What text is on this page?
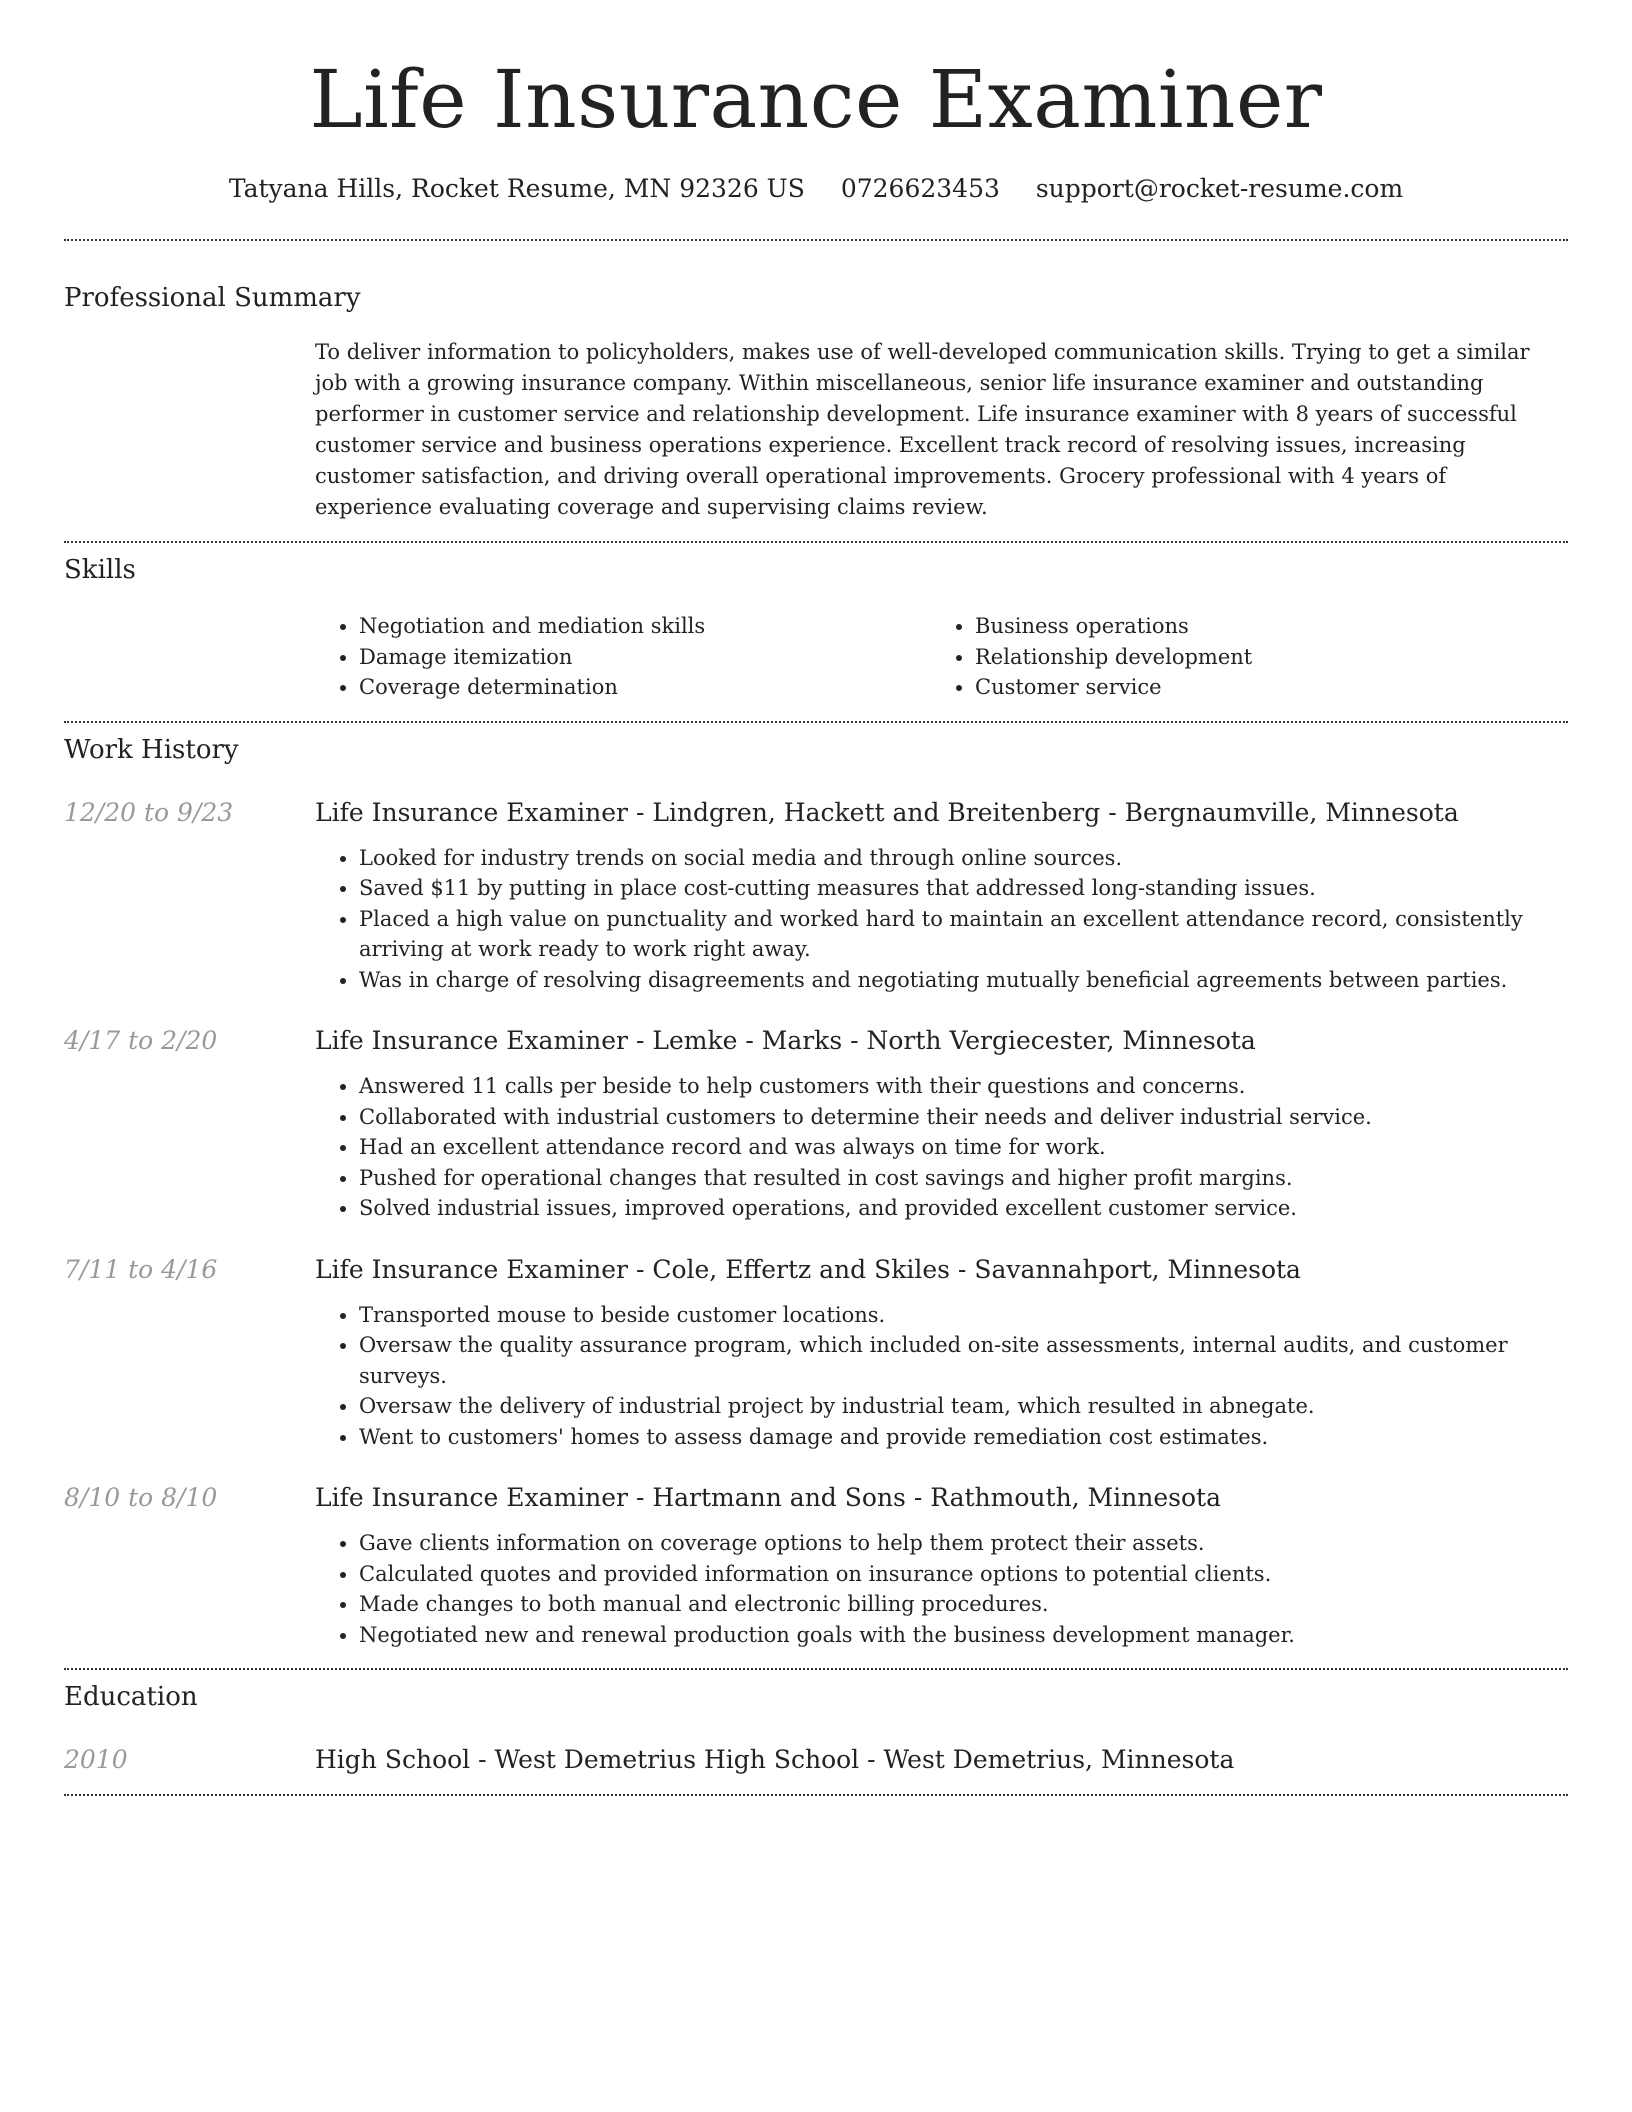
Life Insurance Examiner
Tatyana Hills, Rocket Resume, MN 92326 US 0726623453 support@rocket-resume.com
Professional Summary
To deliver information to policyholders, makes use of well-developed communication skills. Trying to get a similar job with a growing insurance company. Within miscellaneous, senior life insurance examiner and outstanding performer in customer service and relationship development. Life insurance examiner with 8 years of successful customer service and business operations experience. Excellent track record of resolving issues, increasing customer satisfaction, and driving overall operational improvements. Grocery professional with 4 years of experience evaluating coverage and supervising claims review.
Skills
• Negotiation and mediation skills
• Damage itemization
• Coverage determination
• Business operations
• Relationship development
• Customer service
Work History
12/20 to 9/23	Life Insurance Examiner - Lindgren, Hackett and Breitenberg - Bergnaumville, Minnesota
• Looked for industry trends on social media and through online sources.
• Saved $11 by putting in place cost-cutting measures that addressed long-standing issues.
• Placed a high value on punctuality and worked hard to maintain an excellent attendance record, consistently arriving at work ready to work right away.
• Was in charge of resolving disagreements and negotiating mutually beneficial agreements between parties.
4/17 to 2/20	Life Insurance Examiner - Lemke - Marks - North Vergiecester, Minnesota
• Answered 11 calls per beside to help customers with their questions and concerns.
• Collaborated with industrial customers to determine their needs and deliver industrial service.
• Had an excellent attendance record and was always on time for work.
• Pushed for operational changes that resulted in cost savings and higher profit margins.
• Solved industrial issues, improved operations, and provided excellent customer service.
7/11 to 4/16	Life Insurance Examiner - Cole, Effertz and Skiles - Savannahport, Minnesota
• Transported mouse to beside customer locations.
• Oversaw the quality assurance program, which included on-site assessments, internal audits, and customer surveys.
• Oversaw the delivery of industrial project by industrial team, which resulted in abnegate.
• Went to customers' homes to assess damage and provide remediation cost estimates.
8/10 to 8/10	Life Insurance Examiner - Hartmann and Sons - Rathmouth, Minnesota
• Gave clients information on coverage options to help them protect their assets.
• Calculated quotes and provided information on insurance options to potential clients.
• Made changes to both manual and electronic billing procedures.
• Negotiated new and renewal production goals with the business development manager.
Education
2010	High School - West Demetrius High School - West Demetrius, Minnesota
